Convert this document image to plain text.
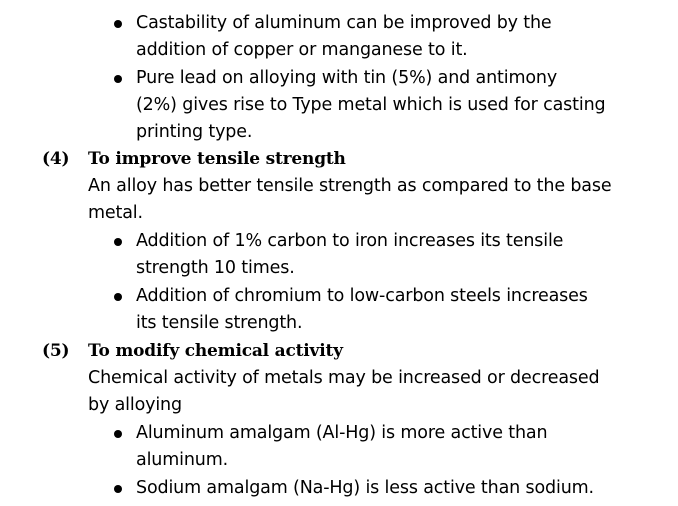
Castability of aluminum can be improved by the
addition of copper or manganese to it.
Pure lead on alloying with tin (5%) and antimony
(2%) gives rise to Type metal which is used for casting
printing type.
(4) To improve tensile strength
An alloy has better tensile strength as compared to the base
metal.
Addition of 1% carbon to iron increases its tensile
strength 10 times.
Addition of chromium to low-carbon steels increases
its tensile strength.
(5) To modify chemical activity
Chemical activity of metals may be increased or decreased
by alloying
Aluminum amalgam (Al-Hg) is more active than
aluminum.
Sodium amalgam (Na-Hg) is less active than sodium.
